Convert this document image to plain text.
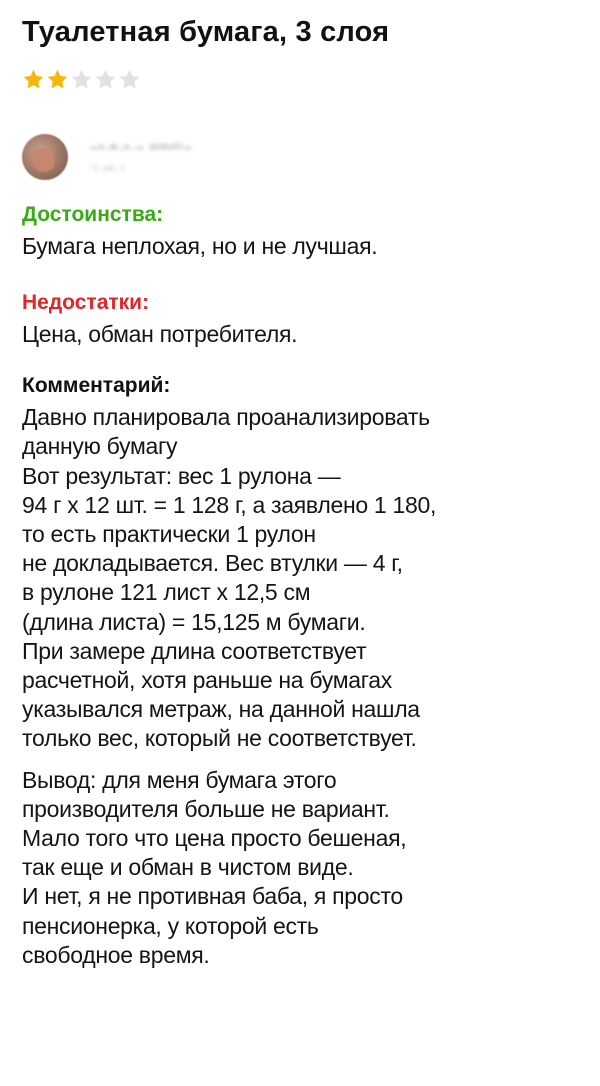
Туалетная бумага, 3 слоя
~ˣ·ʷ·ⁿ·~ ˢᵗᵐⁿᶠʳ~
˜ˢ·ᵃᵐ ˢ
Достоинства:
Бумага неплохая, но и не лучшая.
Недостатки:
Цена, обман потребителя.
Комментарий:
Давно планировала проанализировать
данную бумагу
Вот результат: вес 1 рулона —
94 г х 12 шт. = 1 128 г, а заявлено 1 180,
то есть практически 1 рулон
не докладывается. Вес втулки — 4 г,
в рулоне 121 лист х 12,5 см
(длина листа) = 15,125 м бумаги.
При замере длина соответствует
расчетной, хотя раньше на бумагах
указывался метраж, на данной нашла
только вес, который не соответствует.
Вывод: для меня бумага этого
производителя больше не вариант.
Мало того что цена просто бешеная,
так еще и обман в чистом виде.
И нет, я не противная баба, я просто
пенсионерка, у которой есть
свободное время.
